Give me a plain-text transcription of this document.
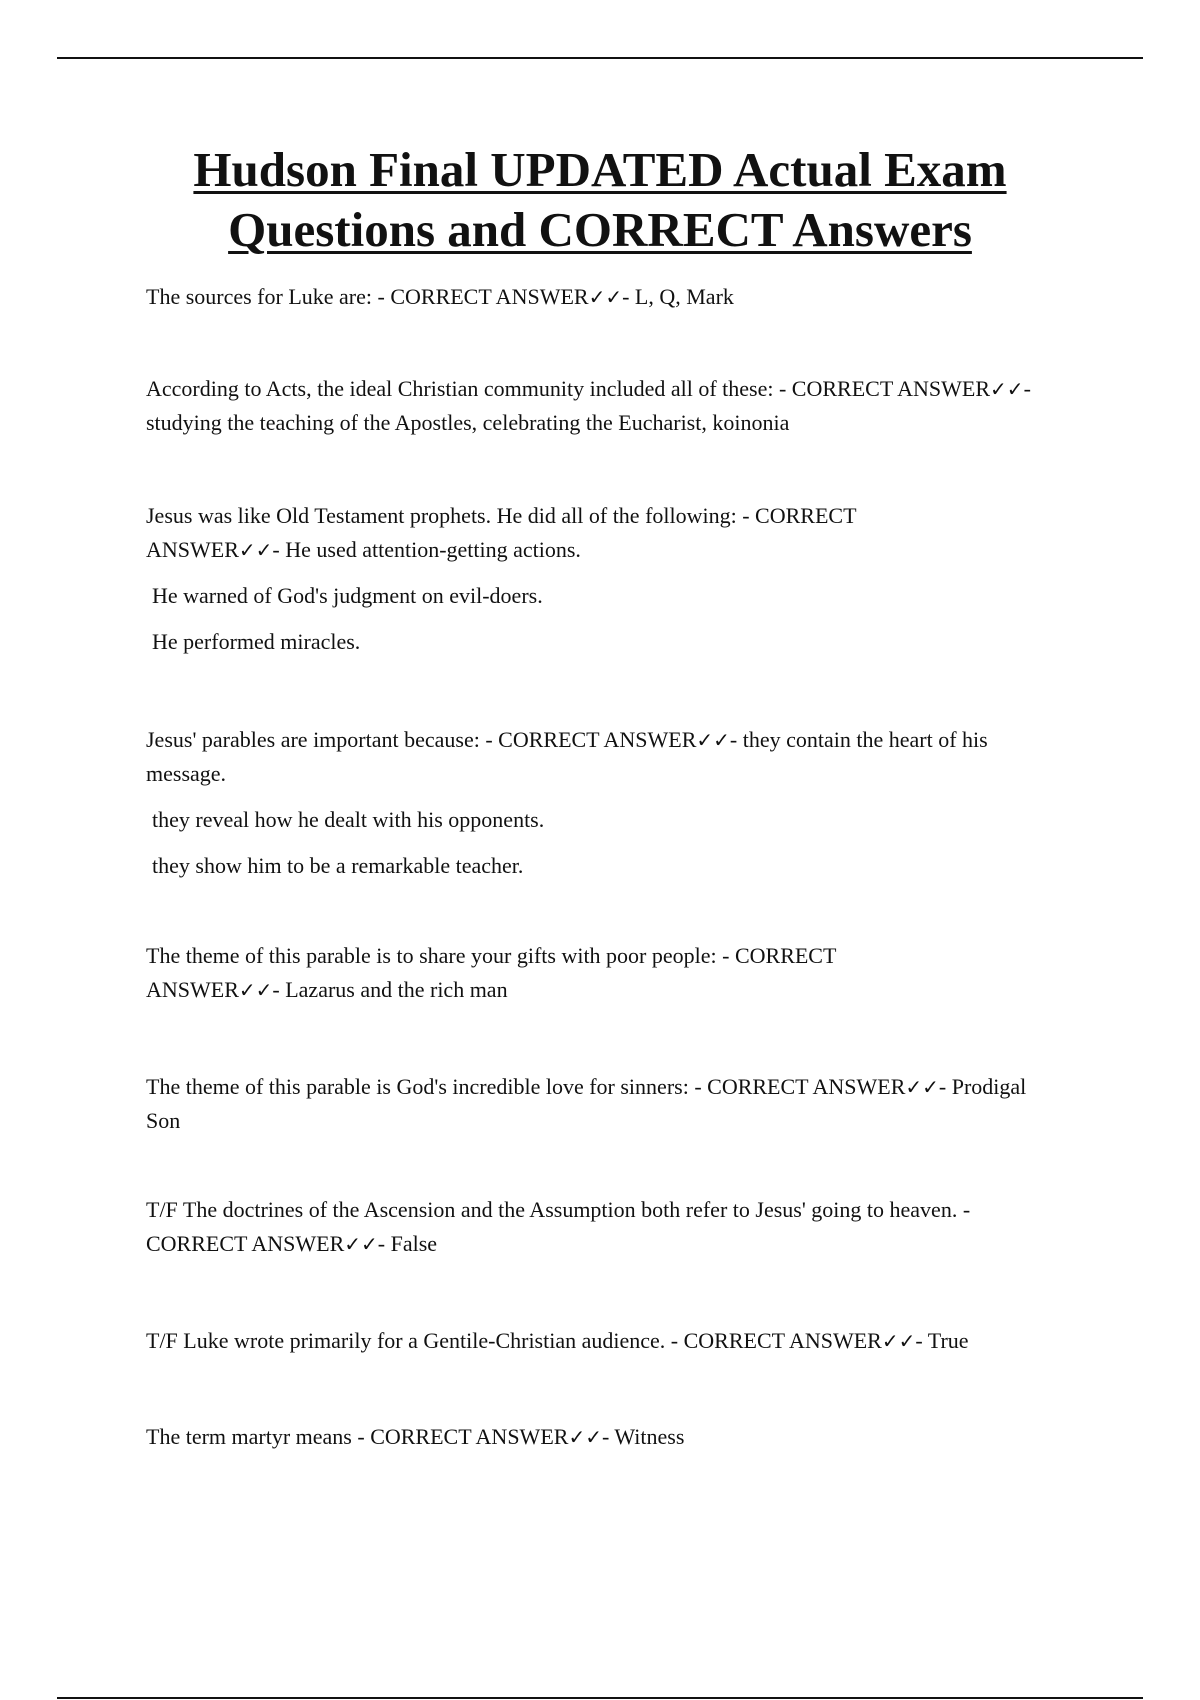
Hudson Final UPDATED Actual Exam
Questions and CORRECT Answers

The sources for Luke are: - CORRECT ANSWER✓✓- L, Q, Mark

According to Acts, the ideal Christian community included all of these: - CORRECT ANSWER✓✓- studying the teaching of the Apostles, celebrating the Eucharist, koinonia

Jesus was like Old Testament prophets. He did all of the following: - CORRECT ANSWER✓✓- He used attention-getting actions.
He warned of God's judgment on evil-doers.
He performed miracles.

Jesus' parables are important because: - CORRECT ANSWER✓✓- they contain the heart of his message.
they reveal how he dealt with his opponents.
they show him to be a remarkable teacher.

The theme of this parable is to share your gifts with poor people: - CORRECT ANSWER✓✓- Lazarus and the rich man

The theme of this parable is God's incredible love for sinners: - CORRECT ANSWER✓✓- Prodigal Son

T/F The doctrines of the Ascension and the Assumption both refer to Jesus' going to heaven. - CORRECT ANSWER✓✓- False

T/F Luke wrote primarily for a Gentile-Christian audience. - CORRECT ANSWER✓✓- True

The term martyr means - CORRECT ANSWER✓✓- Witness
